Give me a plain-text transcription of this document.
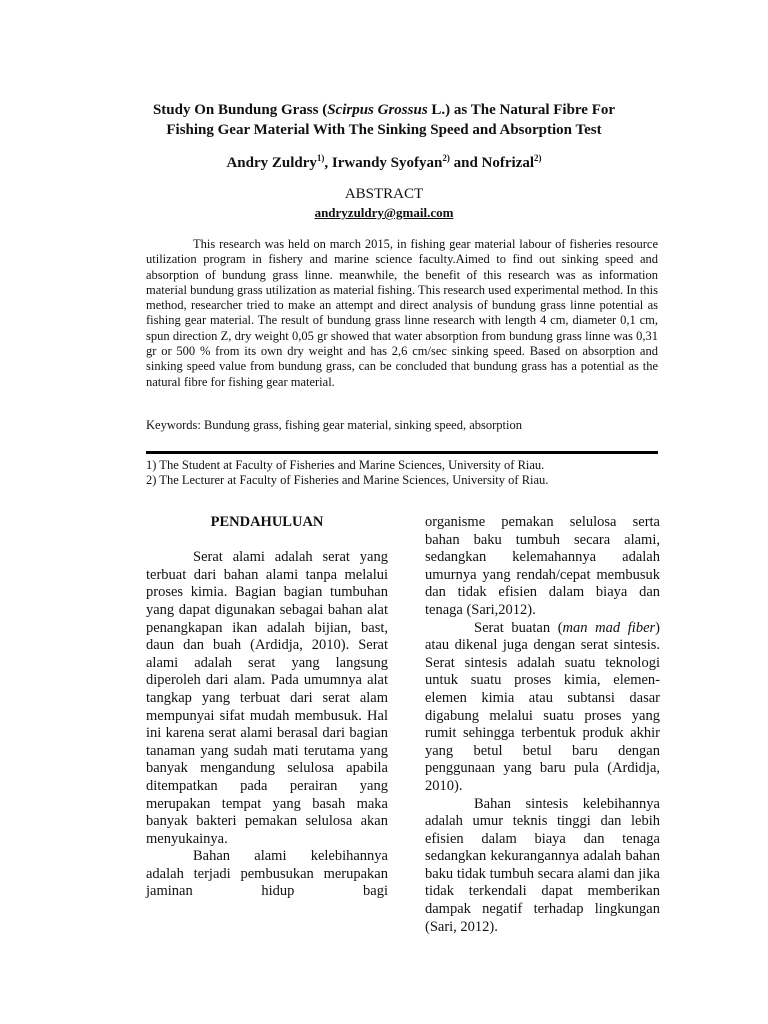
Study On Bundung Grass (Scirpus Grossus L.) as The Natural Fibre For
Fishing Gear Material With The Sinking Speed and Absorption Test
Andry Zuldry$^{1)}$, Irwandy Syofyan$^{2)}$ and Nofrizal$^{2)}$
ABSTRACT
andryzuldry@gmail.com
This research was held on march 2015, in fishing gear material labour of fisheries resource utilization program in fishery and marine science faculty.Aimed to find out sinking speed and absorption of bundung grass linne. meanwhile, the benefit of this research was as information material bundung grass utilization as material fishing. This research used experimental method. In this method, researcher tried to make an attempt and direct analysis of bundung grass linne potential as fishing gear material. The result of bundung grass linne research with length 4 cm, diameter 0,1 cm, spun direction Z, dry weight 0,05 gr showed that water absorption from bundung grass linne was 0,31 gr or 500 % from its own dry weight and has 2,6 cm/sec sinking speed. Based on absorption and sinking speed value from bundung grass, can be concluded that bundung grass has a potential as the natural fibre for fishing gear material.
Keywords: Bundung grass, fishing gear material, sinking speed, absorption
1) The Student at Faculty of Fisheries and Marine Sciences, University of Riau.
2) The Lecturer at Faculty of Fisheries and Marine Sciences, University of Riau.
PENDAHULUAN

Serat alami adalah serat yang terbuat dari bahan alami tanpa melalui proses kimia. Bagian bagian tumbuhan yang dapat digunakan sebagai bahan alat penangkapan ikan adalah bijian, bast, daun dan buah (Ardidja, 2010). Serat alami adalah serat yang langsung diperoleh dari alam. Pada umumnya alat tangkap yang terbuat dari serat alam mempunyai sifat mudah membusuk. Hal ini karena serat alami berasal dari bagian tanaman yang sudah mati terutama yang banyak mengandung selulosa apabila ditempatkan pada perairan yang merupakan tempat yang basah maka banyak bakteri pemakan selulosa akan menyukainya.

Bahan alami kelebihannya adalah terjadi pembusukan merupakan jaminan hidup bagi

organisme pemakan selulosa serta bahan baku tumbuh secara alami, sedangkan kelemahannya adalah umurnya yang rendah/cepat membusuk dan tidak efisien dalam biaya dan tenaga (Sari,2012).

Serat buatan (man mad fiber) atau dikenal juga dengan serat sintesis. Serat sintesis adalah suatu teknologi untuk suatu proses kimia, elemen-elemen kimia atau subtansi dasar digabung melalui suatu proses yang rumit sehingga terbentuk produk akhir yang betul betul baru dengan penggunaan yang baru pula (Ardidja, 2010).

Bahan sintesis kelebihannya adalah umur teknis tinggi dan lebih efisien dalam biaya dan tenaga sedangkan kekurangannya adalah bahan baku tidak tumbuh secara alami dan jika tidak terkendali dapat memberikan dampak negatif terhadap lingkungan (Sari, 2012).
